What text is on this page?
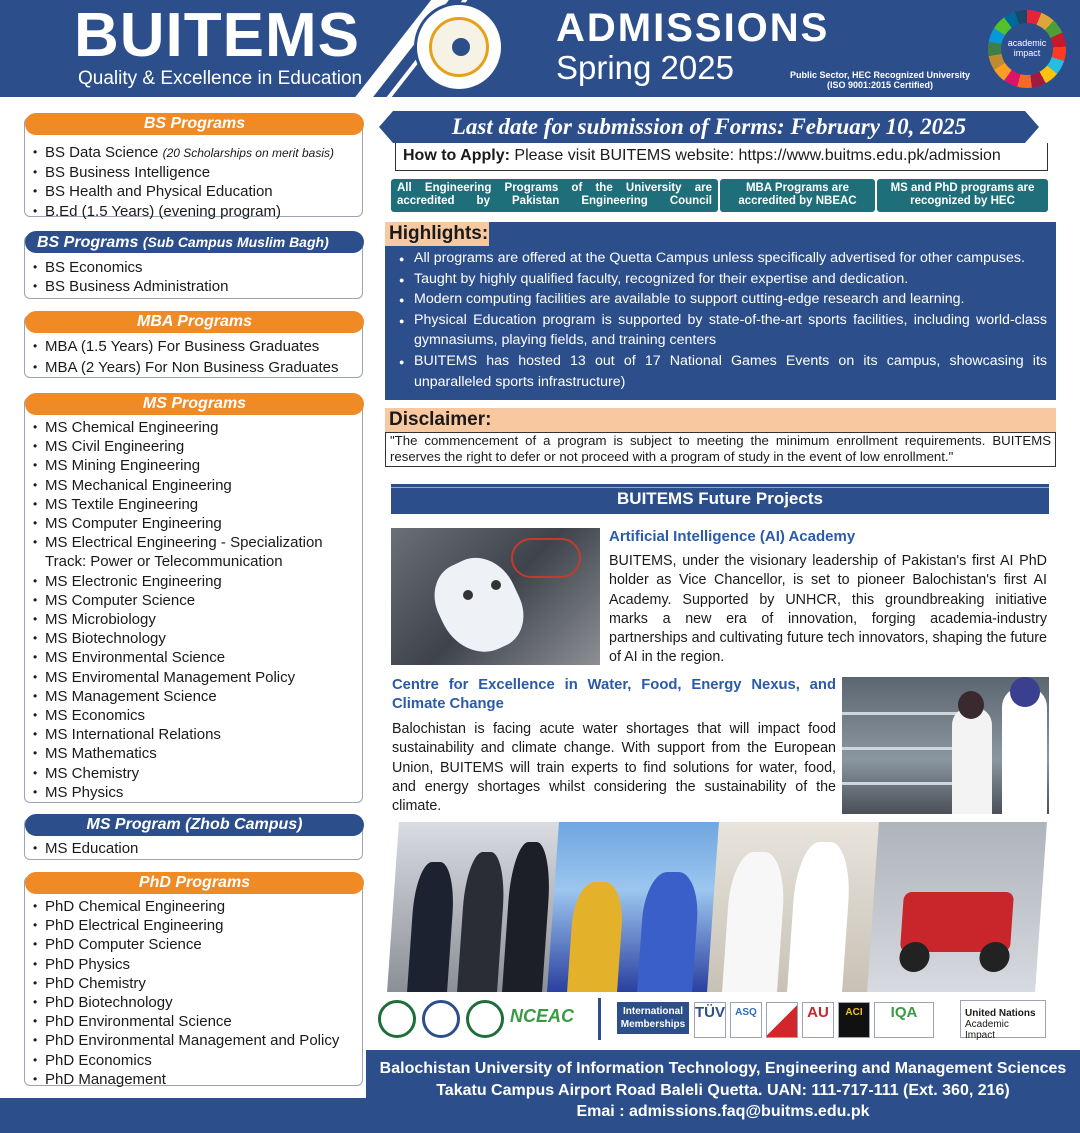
BUITEMS
Quality & Excellence in Education
ADMISSIONS
Spring 2025	Public Sector, HEC Recognized University
(ISO 9001:2015 Certified)
academic
impact
BS Programs
• BS Data Science (20 Scholarships on merit basis)
• BS Business Intelligence
• BS Health and Physical Education
• B.Ed (1.5 Years) (evening program)
BS Programs (Sub Campus Muslim Bagh)
• BS Economics
• BS Business Administration
MBA Programs
• MBA (1.5 Years) For Business Graduates
• MBA (2 Years) For Non Business Graduates
MS Programs
• MS Chemical Engineering
• MS Civil Engineering
• MS Mining Engineering
• MS Mechanical Engineering
• MS Textile Engineering
• MS Computer Engineering
• MS Electrical Engineering - Specialization
Track: Power or Telecommunication
• MS Electronic Engineering
• MS Computer Science
• MS Microbiology
• MS Biotechnology
• MS Environmental Science
• MS Enviromental Management Policy
• MS Management Science
• MS Economics
• MS International Relations
• MS Mathematics
• MS Chemistry
• MS Physics
MS Program (Zhob Campus)
• MS Education
PhD Programs
• PhD Chemical Engineering
• PhD Electrical Engineering
• PhD Computer Science
• PhD Physics
• PhD Chemistry
• PhD Biotechnology
• PhD Environmental Science
• PhD Environmental Management and Policy
• PhD Economics
• PhD Management
Last date for submission of Forms: February 10, 2025
How to Apply: Please visit BUITEMS website: https://www.buitms.edu.pk/admission
All Engineering Programs of the University are accredited by Pakistan Engineering Council
MBA Programs are accredited by NBEAC
MS and PhD programs are recognized by HEC
● All programs are offered at the Quetta Campus unless specifically advertised for other campuses.
● Taught by highly qualified faculty, recognized for their expertise and dedication.
● Modern computing facilities are available to support cutting-edge research and learning.
● Physical Education program is supported by state-of-the-art sports facilities, including world-class gymnasiums, playing fields, and training centers
● BUITEMS has hosted 13 out of 17 National Games Events on its campus, showcasing its unparalleled sports infrastructure)
Highlights:
Disclaimer:
"The commencement of a program is subject to meeting the minimum enrollment requirements. BUITEMS reserves the right to defer or not proceed with a program of study in the event of low enrollment."
BUITEMS Future Projects
Artificial Intelligence (AI) Academy
BUITEMS, under the visionary leadership of Pakistan's first AI PhD holder as Vice Chancellor, is set to pioneer Balochistan's first AI Academy. Supported by UNHCR, this groundbreaking initiative marks a new era of innovation, forging academia-industry partnerships and cultivating future tech innovators, shaping the future of AI in the region.
Centre for Excellence in Water, Food, Energy Nexus, and Climate Change
Balochistan is facing acute water shortages that will impact food sustainability and climate change. With support from the European Union, BUITEMS will train experts to find solutions for water, food, and energy shortages whilst considering the sustainability of the climate.
NCEAC	International Memberships
TÜV	ASQ	AU	ACI	IQA	United Nations
Academic Impact
Balochistan University of Information Technology, Engineering and Management Sciences
Takatu Campus Airport Road Baleli Quetta. UAN: 111-717-111 (Ext. 360, 216)
Emai : admissions.faq@buitms.edu.pk
